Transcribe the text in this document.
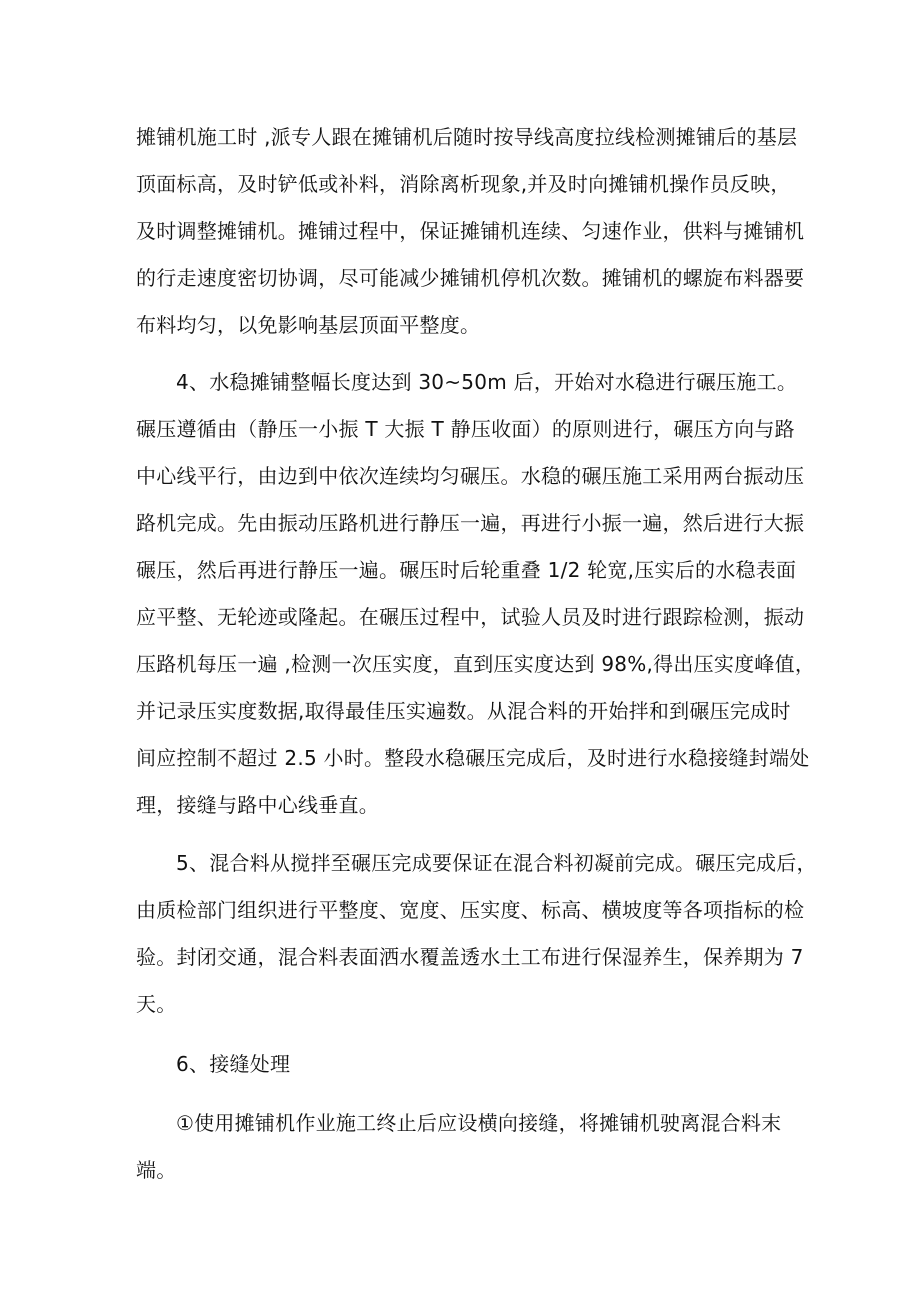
摊铺机施工时 ,派专人跟在摊铺机后随时按导线高度拉线检测摊铺后的基层
顶面标高，及时铲低或补料，消除离析现象,并及时向摊铺机操作员反映，
及时调整摊铺机。摊铺过程中，保证摊铺机连续、匀速作业，供料与摊铺机
的行走速度密切协调，尽可能减少摊铺机停机次数。摊铺机的螺旋布料器要
布料均匀，以免影响基层顶面平整度。
4、水稳摊铺整幅长度达到 30~50m 后，开始对水稳进行碾压施工。
碾压遵循由（静压一小振 T 大振 T 静压收面）的原则进行，碾压方向与路
中心线平行，由边到中依次连续均匀碾压。水稳的碾压施工采用两台振动压
路机完成。先由振动压路机进行静压一遍，再进行小振一遍，然后进行大振
碾压，然后再进行静压一遍。碾压时后轮重叠 1/2 轮宽,压实后的水稳表面
应平整、无轮迹或隆起。在碾压过程中，试验人员及时进行跟踪检测，振动
压路机每压一遍 ,检测一次压实度，直到压实度达到 98%,得出压实度峰值，
并记录压实度数据,取得最佳压实遍数。从混合料的开始拌和到碾压完成时
间应控制不超过 2.5 小时。整段水稳碾压完成后，及时进行水稳接缝封端处
理，接缝与路中心线垂直。
5、混合料从搅拌至碾压完成要保证在混合料初凝前完成。碾压完成后，
由质检部门组织进行平整度、宽度、压实度、标高、横坡度等各项指标的检
验。封闭交通，混合料表面洒水覆盖透水土工布进行保湿养生，保养期为 7
天。
6、接缝处理
①使用摊铺机作业施工终止后应设横向接缝，将摊铺机驶离混合料末
端。
